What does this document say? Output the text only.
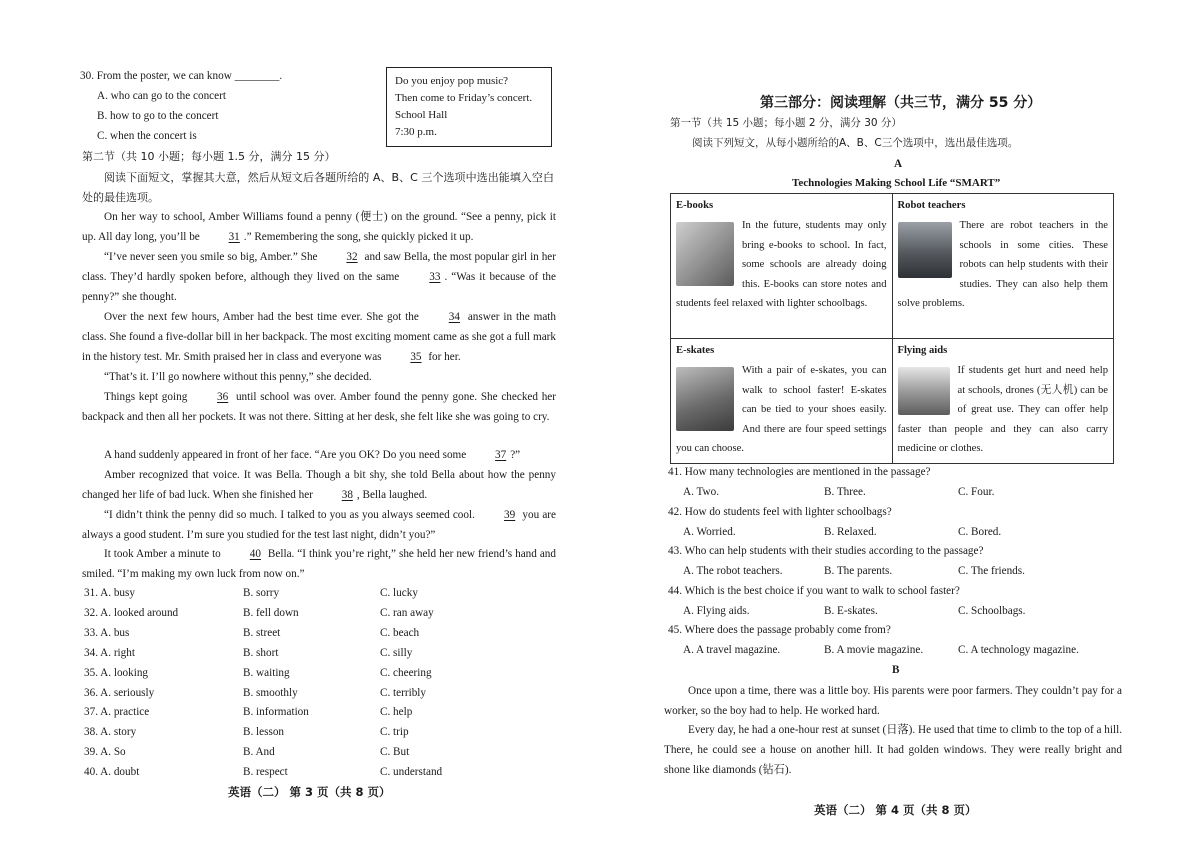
30. From the poster, we can know ________.
A. who can go to the concert
B. how to go to the concert
C. when the concert is
Do you enjoy pop music?
Then come to Friday’s concert.
School Hall
7:30 p.m.
第二节（共 10 小题；每小题 1.5 分，满分 15 分）
阅读下面短文，掌握其大意，然后从短文后各题所给的 A、B、C 三个选项中选出能填入空白处的最佳选项。
On her way to school, Amber Williams found a penny (便士) on the ground. “See a penny, pick it up. All day long, you’ll be 31 .” Remembering the song, she quickly picked it up.
“I’ve never seen you smile so big, Amber.” She 32 and saw Bella, the most popular girl in her class. They’d hardly spoken before, although they lived on the same 33 . “Was it because of the penny?” she thought.
Over the next few hours, Amber had the best time ever. She got the 34 answer in the math class. She found a five-dollar bill in her backpack. The most exciting moment came as she got a full mark in the history test. Mr. Smith praised her in class and everyone was 35 for her.
“That’s it. I’ll go nowhere without this penny,” she decided.
Things kept going 36 until school was over. Amber found the penny gone. She checked her backpack and then all her pockets. It was not there. Sitting at her desk, she felt like she was going to cry.
A hand suddenly appeared in front of her face. “Are you OK? Do you need some 37 ?”
Amber recognized that voice. It was Bella. Though a bit shy, she told Bella about how the penny changed her life of bad luck. When she finished her 38 , Bella laughed.
“I didn’t think the penny did so much. I talked to you as you always seemed cool. 39 you are always a good student. I’m sure you studied for the test last night, didn’t you?”
It took Amber a minute to 40 Bella. “I think you’re right,” she held her new friend’s hand and smiled. “I’m making my own luck from now on.”
31. A. busy	B. sorry	C. lucky
32. A. looked around	B. fell down	C. ran away
33. A. bus	B. street	C. beach
34. A. right	B. short	C. silly
35. A. looking	B. waiting	C. cheering
36. A. seriously	B. smoothly	C. terribly
37. A. practice	B. information	C. help
38. A. story	B. lesson	C. trip
39. A. So	B. And	C. But
40. A. doubt	B. respect	C. understand
英语（二） 第 3 页（共 8 页）
第三部分：阅读理解（共三节，满分 55 分）
第一节（共 15 小题；每小题 2 分，满分 30 分）
阅读下列短文，从每小题所给的A、B、C三个选项中，选出最佳选项。
A
Technologies Making School Life “SMART”
E-books
In the future, students may only bring e-books to school. In fact, some schools are already doing this. E-books can store notes and students feel relaxed with lighter schoolbags.	Robot teachers
There are robot teachers in the schools in some cities. These robots can help students with their studies. They can also help them solve problems.

E-skates
With a pair of e-skates, you can walk to school faster! E-skates can be tied to your shoes easily. And there are four speed settings you can choose.	Flying aids
If students get hurt and need help at schools, drones (无人机) can be of great use. They can offer help faster than people and they can also carry medicine or clothes.
41. How many technologies are mentioned in the passage?
A. Two.	B. Three.	C. Four.
42. How do students feel with lighter schoolbags?
A. Worried.	B. Relaxed.	C. Bored.
43. Who can help students with their studies according to the passage?
A. The robot teachers.	B. The parents.	C. The friends.
44. Which is the best choice if you want to walk to school faster?
A. Flying aids.	B. E-skates.	C. Schoolbags.
45. Where does the passage probably come from?
A. A travel magazine.	B. A movie magazine.	C. A technology magazine.
B
Once upon a time, there was a little boy. His parents were poor farmers. They couldn’t pay for a worker, so the boy had to help. He worked hard.
Every day, he had a one-hour rest at sunset (日落). He used that time to climb to the top of a hill. There, he could see a house on another hill. It had golden windows. They were really bright and shone like diamonds (钻石).
英语（二） 第 4 页（共 8 页）
